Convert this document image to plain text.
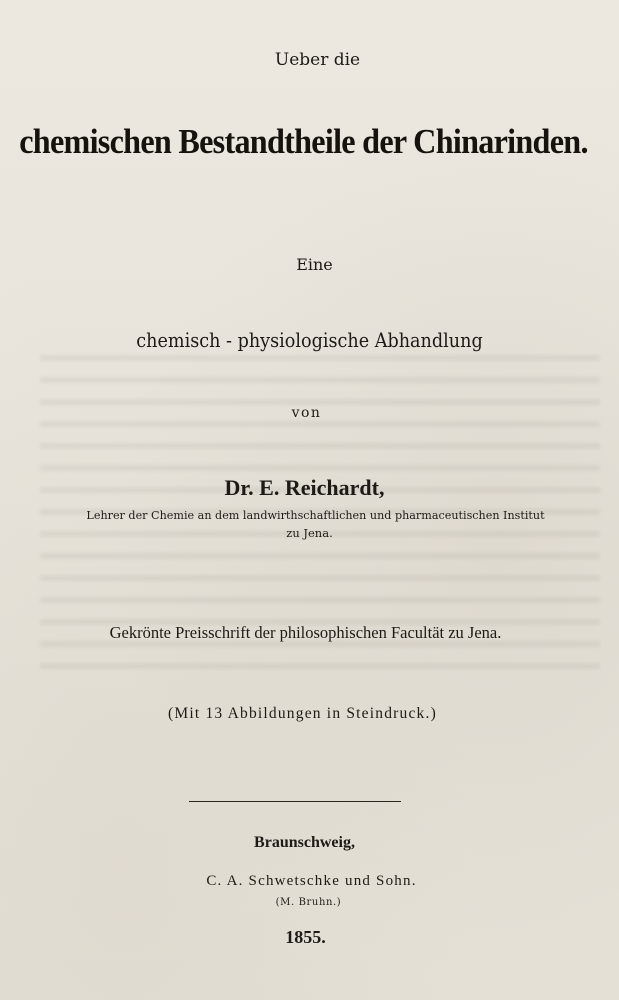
Ueber die
chemischen Bestandtheile der Chinarinden.
Eine
chemisch - physiologische Abhandlung
von
Dr. E. Reichardt,
Lehrer der Chemie an dem landwirthschaftlichen und pharmaceutischen Institut
zu Jena.
Gekrönte Preisschrift der philosophischen Facultät zu Jena.
(Mit 13 Abbildungen in Steindruck.)
Braunschweig,
C. A. Schwetschke und Sohn.
(M. Bruhn.)
1855.
